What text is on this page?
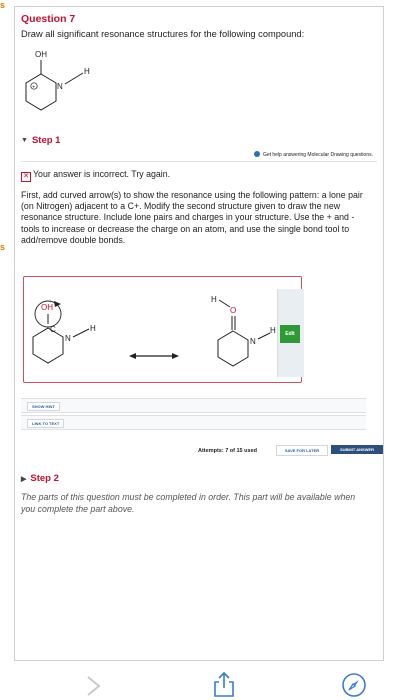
s
s
Question 7
Draw all significant resonance structures for the following compound:
OH
+	N
H
▼ Step 1
Get help answering Molecular Drawing questions.
✕ Your answer is incorrect. Try again.
First, add curved arrow(s) to show the resonance using the following pattern: a lone pair (on Nitrogen) adjacent to a C+. Modify the second structure given to draw the new resonance structure. Include lone pairs and charges in your structure. Use the + and - tools to increase or decrease the charge on an atom, and use the single bond tool to add/remove double bonds.
OH
C
N
H
H
O
N
H	Edit
SHOW HINT
LINK TO TEXT
Attempts: 7 of 15 used	SAVE FOR LATER	SUBMIT ANSWER
▶ Step 2
The parts of this question must be completed in order. This part will be available when you complete the part above.
